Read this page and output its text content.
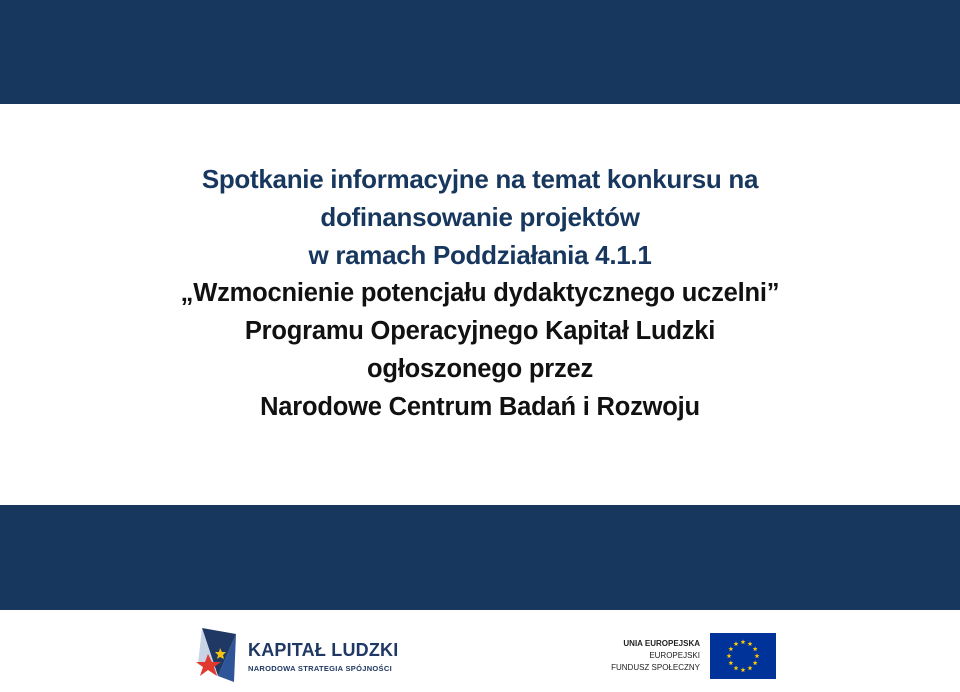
Spotkanie informacyjne na temat konkursu na
dofinansowanie projektów
w ramach Poddziałania 4.1.1
„Wzmocnienie potencjału dydaktycznego uczelni”
Programu Operacyjnego Kapitał Ludzki
ogłoszonego przez
Narodowe Centrum Badań i Rozwoju
KAPITAŁ LUDZKI
NARODOWA STRATEGIA SPÓJNOŚCI
UNIA EUROPEJSKA
EUROPEJSKI
FUNDUSZ SPOŁECZNY
